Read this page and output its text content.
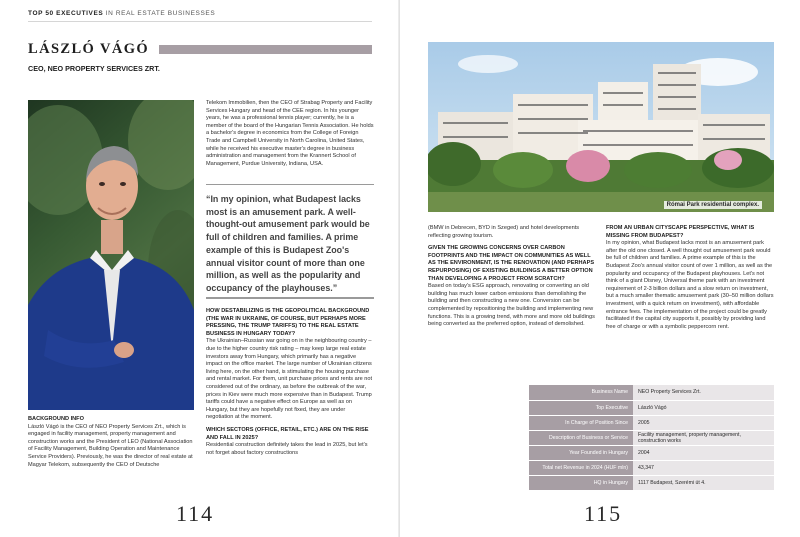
TOP 50 EXECUTIVES IN REAL ESTATE BUSINESSES
LÁSZLÓ VÁGÓ
CEO, NEO PROPERTY SERVICES ZRT.
BACKGROUND INFO
László Vágó is the CEO of NEO Property Services Zrt., which is engaged in facility management, property management and construction works and the President of LEO (National Association of Facility Management, Building Operation and Maintenance Service Providers). Previously, he was the director of real estate at Magyar Telekom, subsequently the CEO of Deutsche
Telekom Immobilien, then the CEO of Strabag Property and Facility Services Hungary and head of the CEE region. In his younger years, he was a professional tennis player; currently, he is a member of the board of the Hungarian Tennis Association. He holds a bachelor's degree in economics from the College of Foreign Trade and Campbell University in North Carolina, United States, while he received his executive master's degree in business administration and management from the Krannert School of Management, Purdue University, Indiana, USA.
“In my opinion, what Budapest lacks most is an amusement park. A well-thought-out amusement park would be full of children and families. A prime example of this is Budapest Zoo's annual visitor count of more than one million, as well as the popularity and occupancy of the playhouses.”
HOW DESTABILIZING IS THE GEOPOLITICAL BACKGROUND (THE WAR IN UKRAINE, OF COURSE, BUT PERHAPS MORE PRESSING, THE TRUMP TARIFFS) TO THE REAL ESTATE BUSINESS IN HUNGARY TODAY?
The Ukrainian–Russian war going on in the neighbouring country – due to the higher country risk rating – may keep large real estate investors away from Hungary, which primarily has a negative impact on the office market. The large number of Ukrainian citizens living here, on the other hand, is stimulating the housing purchase and rental market. For them, unit purchase prices and rents are not considered out of the ordinary, as before the outbreak of the war, prices in Kiev were much more expensive than in Budapest. Trump tariffs could have a negative effect on Europe as well as on Hungary, but they are hopefully not fixed, they are under negotiation at the moment.
WHICH SECTORS (OFFICE, RETAIL, ETC.) ARE ON THE RISE AND FALL IN 2025?
Residential construction definitely takes the lead in 2025, but let's not forget about factory constructions
114
Római Park residential complex.
(BMW in Debrecen, BYD in Szeged) and hotel developments reflecting growing tourism.
GIVEN THE GROWING CONCERNS OVER CARBON FOOTPRINTS AND THE IMPACT ON COMMUNITIES AS WELL AS THE ENVIRONMENT, IS THE RENOVATION (AND PERHAPS REPURPOSING) OF EXISTING BUILDINGS A BETTER OPTION THAN DEVELOPING A PROJECT FROM SCRATCH?
Based on today's ESG approach, renovating or converting an old building has much lower carbon emissions than demolishing the building and then constructing a new one. Conversion can be complemented by repositioning the building and implementing new functions. This is a growing trend, with more and more old buildings being converted as the preferred option, instead of demolished.
FROM AN URBAN CITYSCAPE PERSPECTIVE, WHAT IS MISSING FROM BUDAPEST?
In my opinion, what Budapest lacks most is an amusement park after the old one closed. A well thought out amusement park would be full of children and families. A prime example of this is the Budapest Zoo's annual visitor count of over 1 million, as well as the popularity and occupancy of the Budapest playhouses. Let's not think of a giant Disney, Universal theme park with an investment requirement of 2-3 billion dollars and a slow return on investment, but a much smaller thematic amusement park (30–50 million dollars investment, with a quick return on investment), with affordable entrance fees. The implementation of the project could be greatly facilitated if the capital city supports it, possibly by providing land free of charge or with a symbolic peppercorn rent.
Business Name	NEO Property Services Zrt.
Top Executive	László Vágó
In Charge of Position Since	2005
Description of Business or Service	Facility management, property management, construction works
Year Founded in Hungary	2004
Total net Revenue in 2024 (HUF mln)	43,347
HQ in Hungary	1117 Budapest, Szerémi út 4.
115
